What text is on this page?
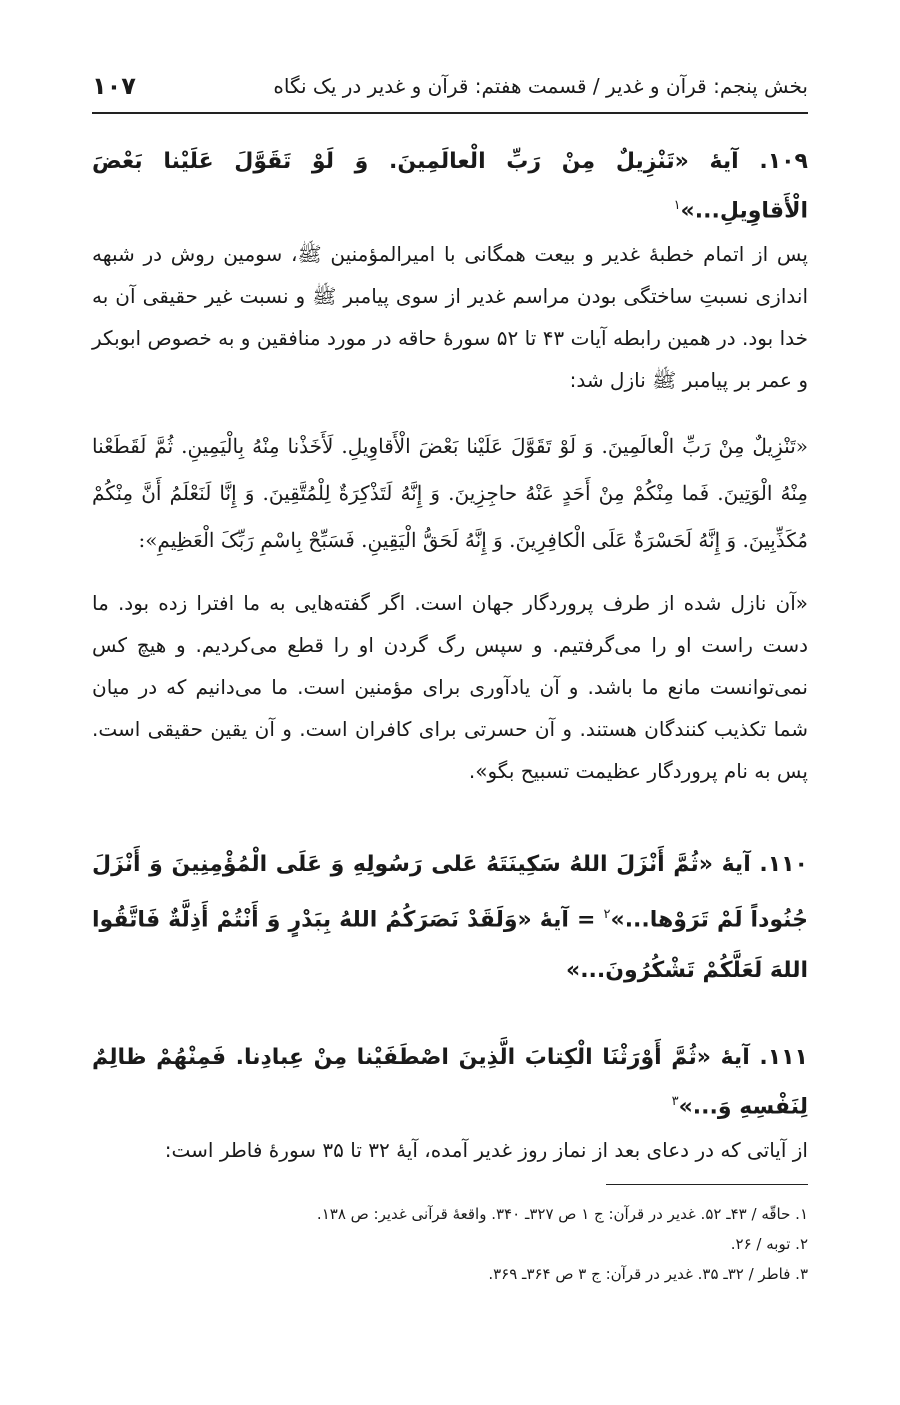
بخش پنجم: قرآن و غدیر / قسمت هفتم: قرآن و غدیر در یک نگاه
۱۰۷

۱۰۹. آیهٔ «تَنْزِیلٌ مِنْ رَبِّ الْعالَمِینَ. وَ لَوْ تَقَوَّلَ عَلَیْنا بَعْضَ الْأَقاوِیلِ...»$^۱$

پس از اتمام خطبهٔ غدیر و بیعت همگانی با امیرالمؤمنین ﷺ، سومین روش در شبهه اندازی نسبتِ ساختگی بودن مراسم غدیر از سوی پیامبر ﷺ و نسبت غیر حقیقی آن به خدا بود. در همین رابطه آیات ۴۳ تا ۵۲ سورهٔ حاقه در مورد منافقین و به خصوص ابوبکر و عمر بر پیامبر ﷺ نازل شد:

«تَنْزِیلٌ مِنْ رَبِّ الْعالَمِینَ. وَ لَوْ تَقَوَّلَ عَلَیْنا بَعْضَ الْأَقاوِیلِ. لَأَخَذْنا مِنْهُ بِالْیَمِینِ. ثُمَّ لَقَطَعْنا مِنْهُ الْوَتِینَ. فَما مِنْکُمْ مِنْ أَحَدٍ عَنْهُ حاجِزِینَ. وَ إِنَّهُ لَتَذْکِرَةٌ لِلْمُتَّقِینَ. وَ إِنَّا لَنَعْلَمُ أَنَّ مِنْکُمْ مُکَذِّبِینَ. وَ إِنَّهُ لَحَسْرَةٌ عَلَی الْکافِرِینَ. وَ إِنَّهُ لَحَقُّ الْیَقِینِ. فَسَبِّحْ بِاسْمِ رَبِّکَ الْعَظِیمِ»:

«آن نازل شده از طرف پروردگار جهان است. اگر گفته‌هایی به ما افترا زده بود. ما دست راست او را می‌گرفتیم. و سپس رگ گردن او را قطع می‌کردیم. و هیچ کس نمی‌توانست مانع ما باشد. و آن یادآوری برای مؤمنین است. ما می‌دانیم که در میان شما تکذیب کنندگان هستند. و آن حسرتی برای کافران است. و آن یقین حقیقی است. پس به نام پروردگار عظیمت تسبیح بگو».

۱۱۰. آیهٔ «ثُمَّ أَنْزَلَ اللهُ سَکِینَتَهُ عَلی رَسُولِهِ وَ عَلَی الْمُؤْمِنِینَ وَ أَنْزَلَ جُنُوداً لَمْ تَرَوْها...»$^۲$ = آیهٔ «وَلَقَدْ نَصَرَکُمُ اللهُ بِبَدْرٍ وَ أَنْتُمْ أَذِلَّةٌ فَاتَّقُوا اللهَ لَعَلَّکُمْ تَشْکُرُونَ...»

۱۱۱. آیهٔ «ثُمَّ أَوْرَثْنَا الْکِتابَ الَّذِینَ اصْطَفَیْنا مِنْ عِبادِنا. فَمِنْهُمْ ظالِمٌ لِنَفْسِهِ وَ...»$^۳$

از آیاتی که در دعای بعد از نماز روز غدیر آمده، آیهٔ ۳۲ تا ۳۵ سورهٔ فاطر است:

۱. حاقّه / ۴۳ـ ۵۲. غدیر در قرآن: ج ۱ ص ۳۲۷ـ ۳۴۰. واقعهٔ قرآنی غدیر: ص ۱۳۸.

۲. توبه / ۲۶.

۳. فاطر / ۳۲ـ ۳۵. غدیر در قرآن: ج ۳ ص ۳۶۴ـ ۳۶۹.
